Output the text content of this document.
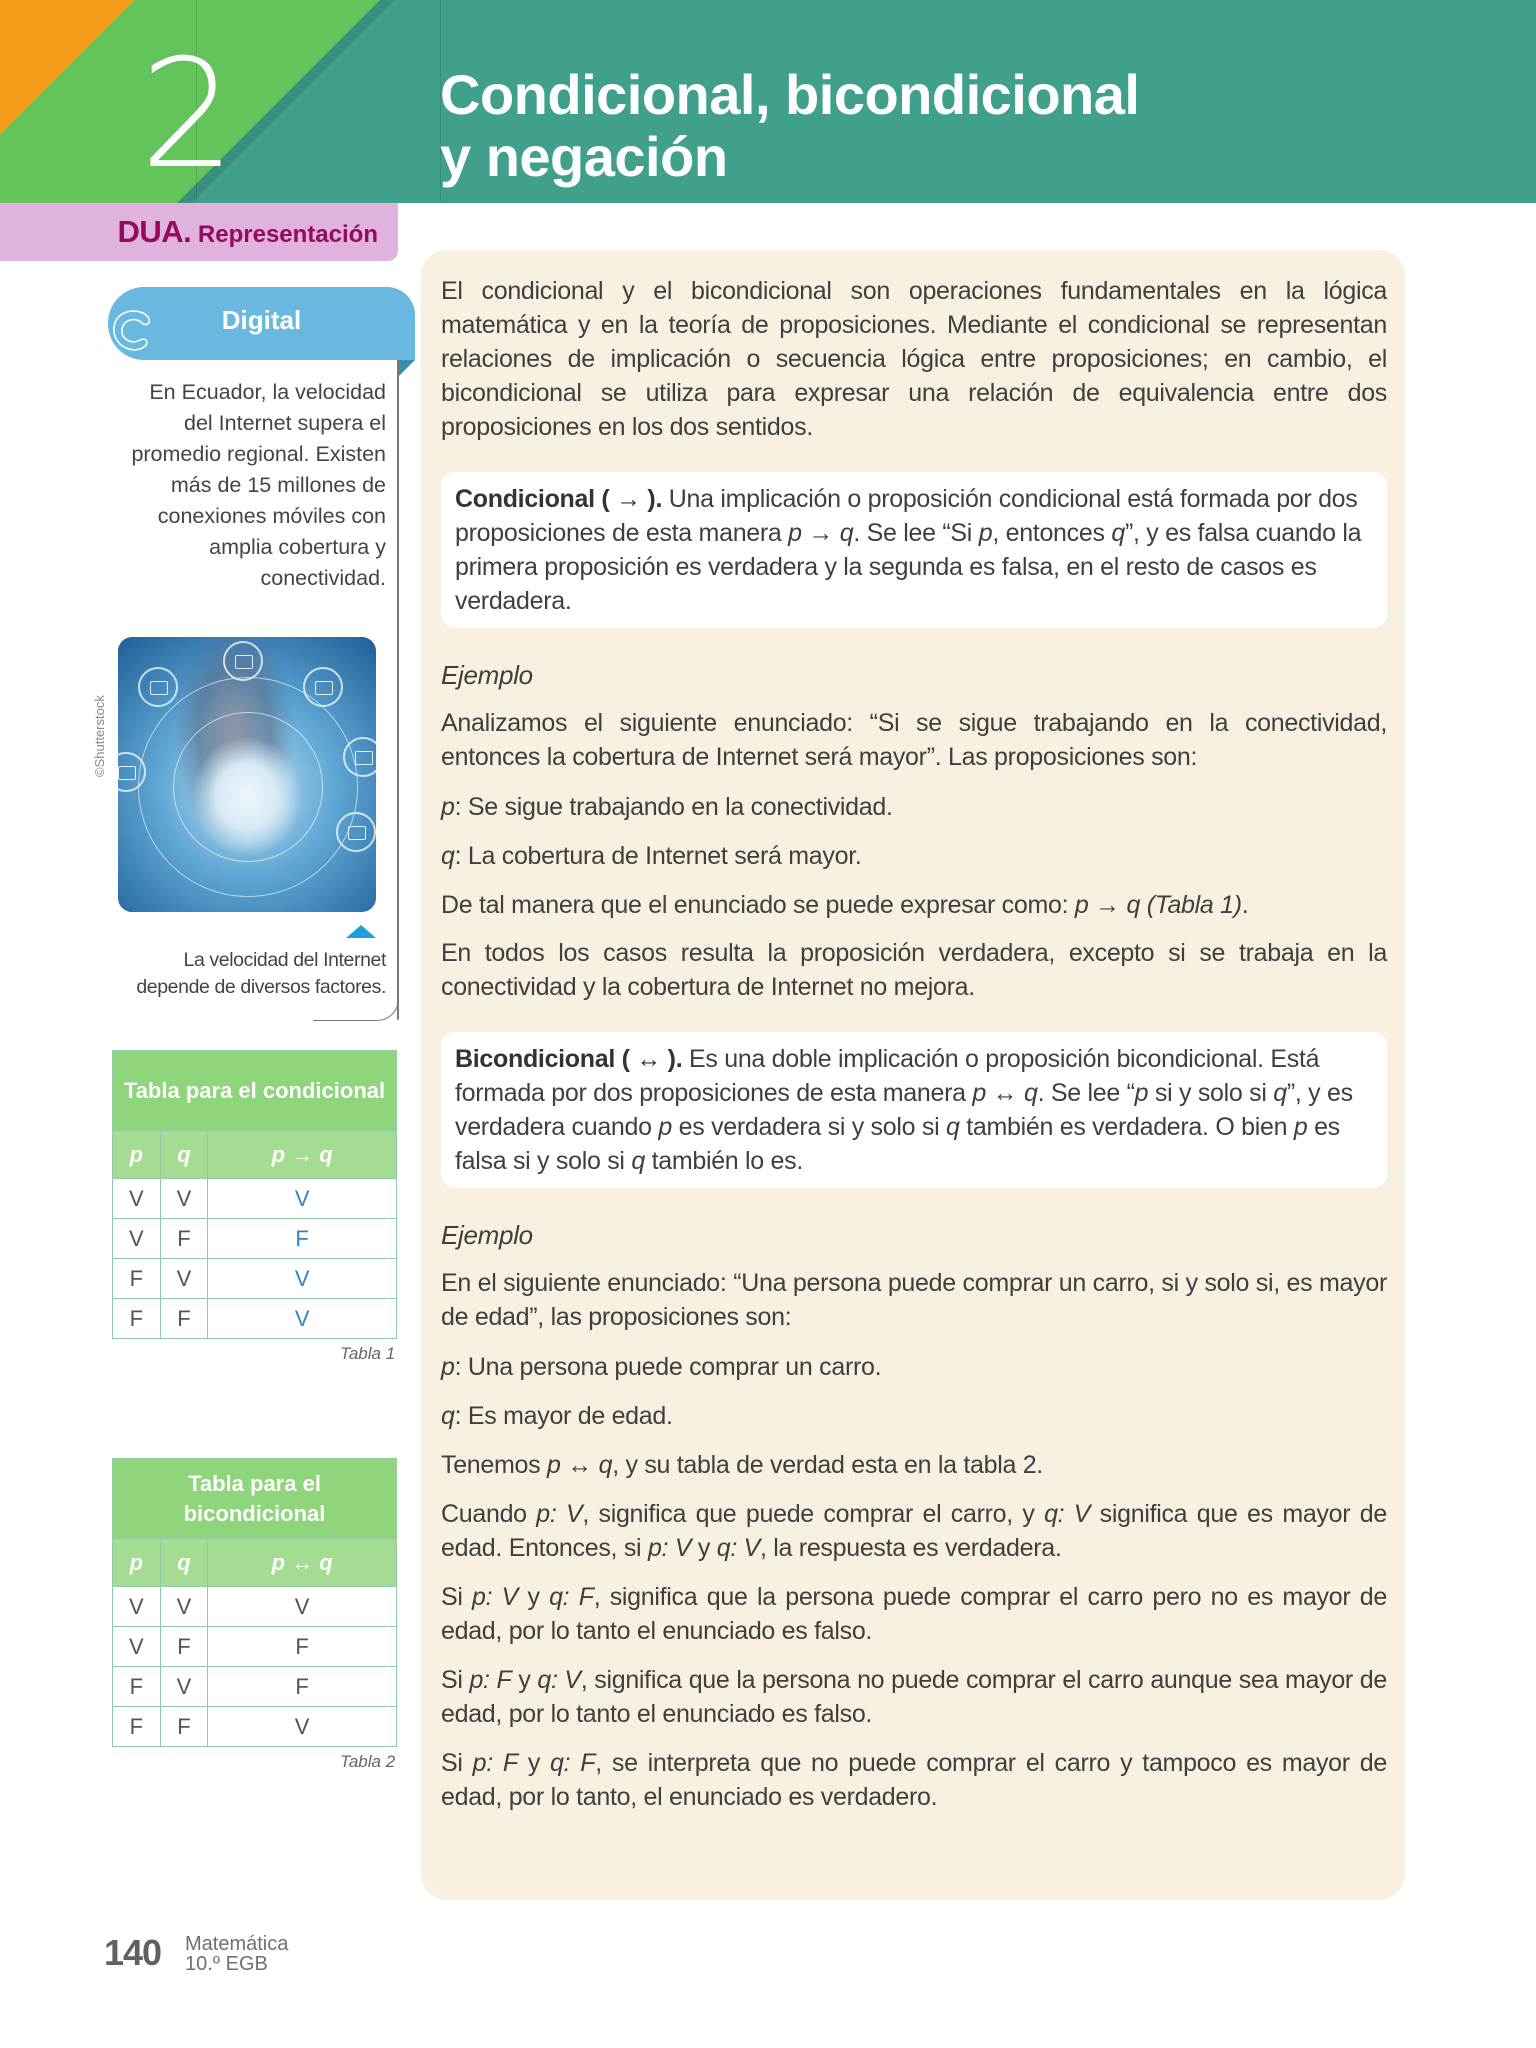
2	Condicional, bicondicional
y negación
DUA. Representación
Digital
En Ecuador, la velocidad del Internet supera el promedio regional. Existen más de 15 millones de conexiones móviles con amplia cobertura y conectividad.
©Shutterstock
La velocidad del Internet depende de diversos factores.
Tabla para el condicional		
p	q	p → q
V	V	V
V	F	F
F	V	V
F	F	V
Tabla 1
Tabla para el bicondicional		
p	q	p ↔ q
V	V	V
V	F	F
F	V	F
F	F	V
Tabla 2

El condicional y el bicondicional son operaciones fundamentales en la lógica matemática y en la teoría de proposiciones. Mediante el condicional se representan relaciones de implicación o secuencia lógica entre proposiciones; en cambio, el bicondicional se utiliza para expresar una relación de equivalencia entre dos proposiciones en los dos sentidos.

Condicional ( → ). Una implicación o proposición condicional está formada por dos proposiciones de esta manera p → q. Se lee “Si p, entonces q”, y es falsa cuando la primera proposición es verdadera y la segunda es falsa, en el resto de casos es verdadera.

Ejemplo

Analizamos el siguiente enunciado: “Si se sigue trabajando en la conectividad, entonces la cobertura de Internet será mayor”. Las proposiciones son:

p: Se sigue trabajando en la conectividad.

q: La cobertura de Internet será mayor.

De tal manera que el enunciado se puede expresar como: p → q (Tabla 1).

En todos los casos resulta la proposición verdadera, excepto si se trabaja en la conectividad y la cobertura de Internet no mejora.

Bicondicional ( ↔ ). Es una doble implicación o proposición bicondicional. Está formada por dos proposiciones de esta manera p ↔ q. Se lee “p si y solo si q”, y es verdadera cuando p es verdadera si y solo si q también es verdadera. O bien p es falsa si y solo si q también lo es.

Ejemplo

En el siguiente enunciado: “Una persona puede comprar un carro, si y solo si, es mayor de edad”, las proposiciones son:

p: Una persona puede comprar un carro.

q: Es mayor de edad.

Tenemos p ↔ q, y su tabla de verdad esta en la tabla 2.

Cuando p: V, significa que puede comprar el carro, y q: V significa que es mayor de edad. Entonces, si p: V y q: V, la respuesta es verdadera.

Si p: V y q: F, significa que la persona puede comprar el carro pero no es mayor de edad, por lo tanto el enunciado es falso.

Si p: F y q: V, significa que la persona no puede comprar el carro aunque sea mayor de edad, por lo tanto el enunciado es falso.

Si p: F y q: F, se interpreta que no puede comprar el carro y tampoco es mayor de edad, por lo tanto, el enunciado es verdadero.

140 Matemática
10.º EGB
